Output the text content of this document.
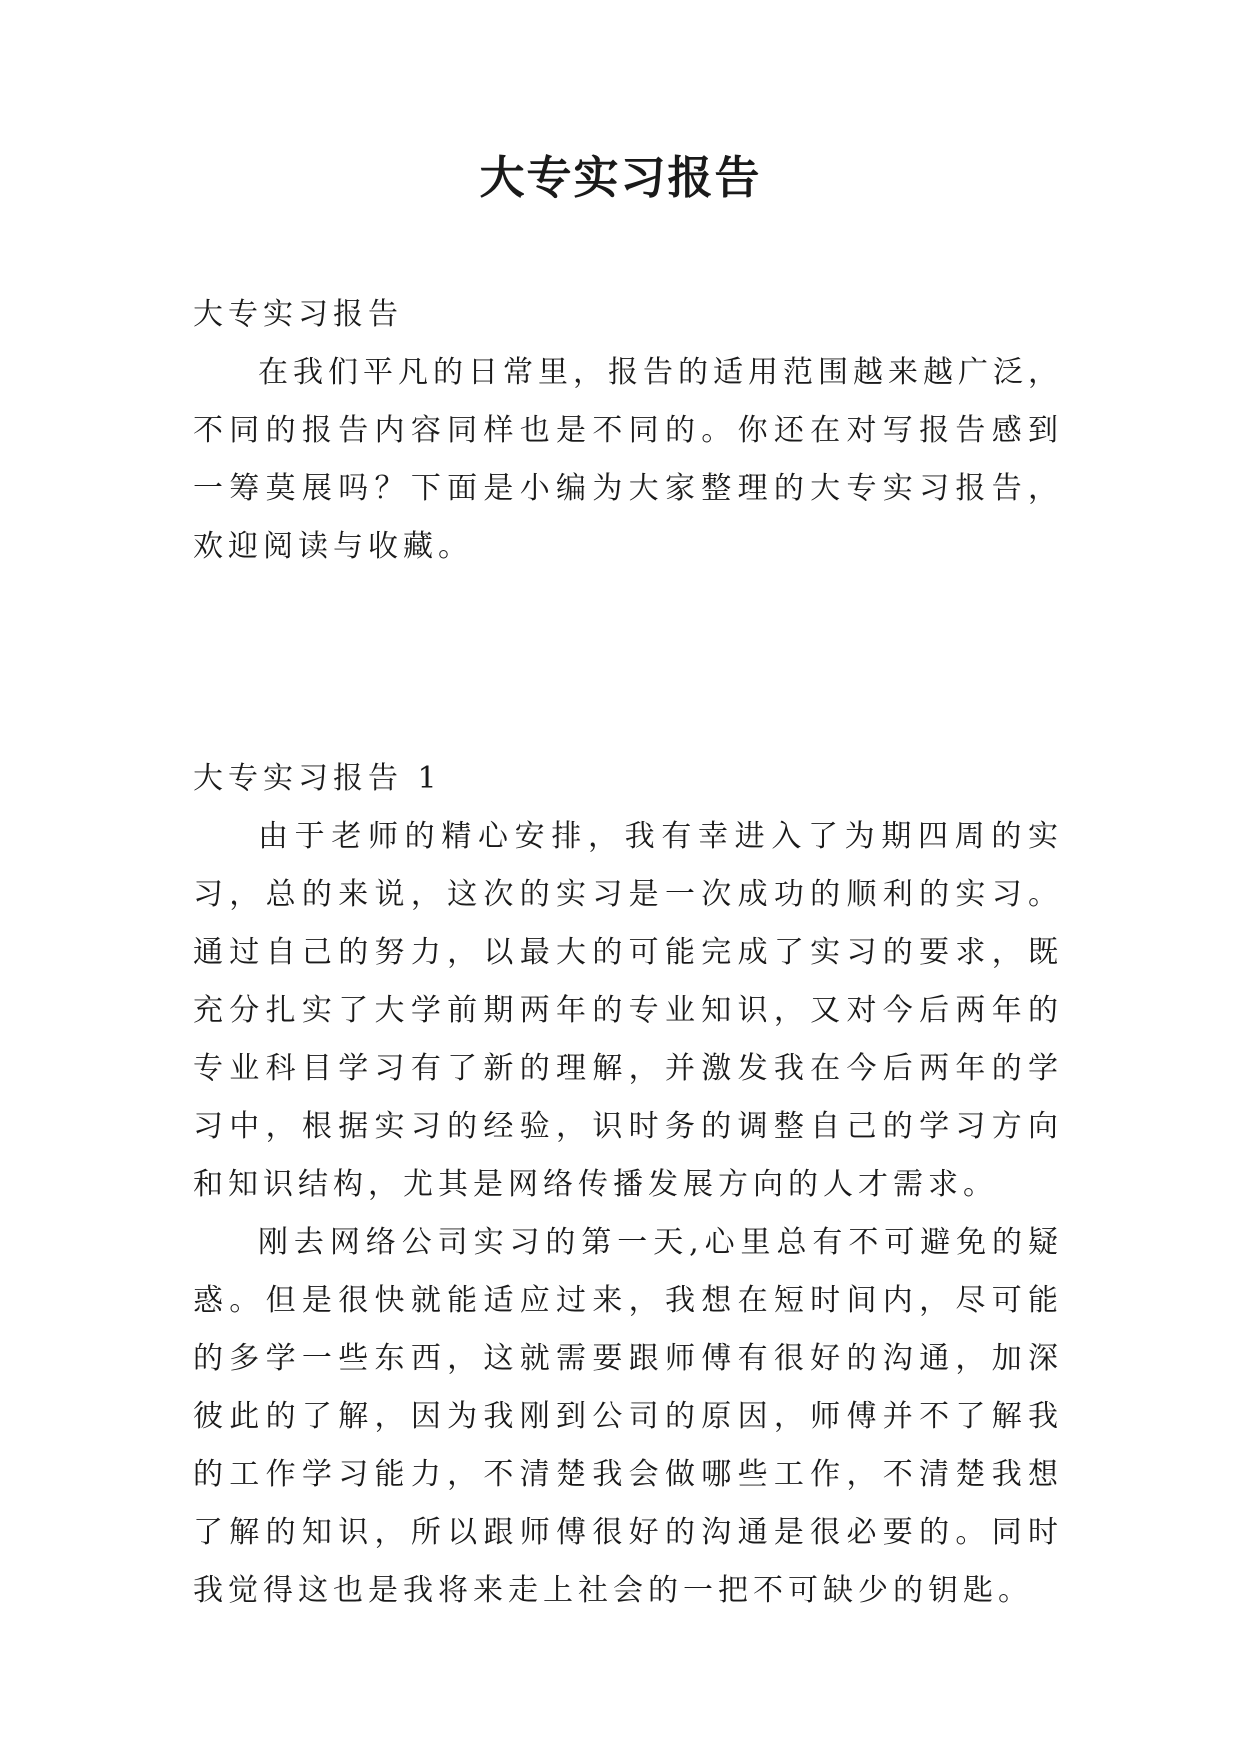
大专实习报告

大专实习报告

在我们平凡的日常里，报告的适用范围越来越广泛，不同的报告内容同样也是不同的。你还在对写报告感到一筹莫展吗？下面是小编为大家整理的大专实习报告，欢迎阅读与收藏。

大专实习报告 1

由于老师的精心安排，我有幸进入了为期四周的实习，总的来说，这次的实习是一次成功的顺利的实习。通过自己的努力，以最大的可能完成了实习的要求，既充分扎实了大学前期两年的专业知识，又对今后两年的专业科目学习有了新的理解，并激发我在今后两年的学习中，根据实习的经验，识时务的调整自己的学习方向和知识结构，尤其是网络传播发展方向的人才需求。

刚去网络公司实习的第一天,心里总有不可避免的疑惑。但是很快就能适应过来，我想在短时间内，尽可能的多学一些东西，这就需要跟师傅有很好的沟通，加深彼此的了解，因为我刚到公司的原因，师傅并不了解我的工作学习能力，不清楚我会做哪些工作，不清楚我想了解的知识，所以跟师傅很好的沟通是很必要的。同时我觉得这也是我将来走上社会的一把不可缺少的钥匙。
